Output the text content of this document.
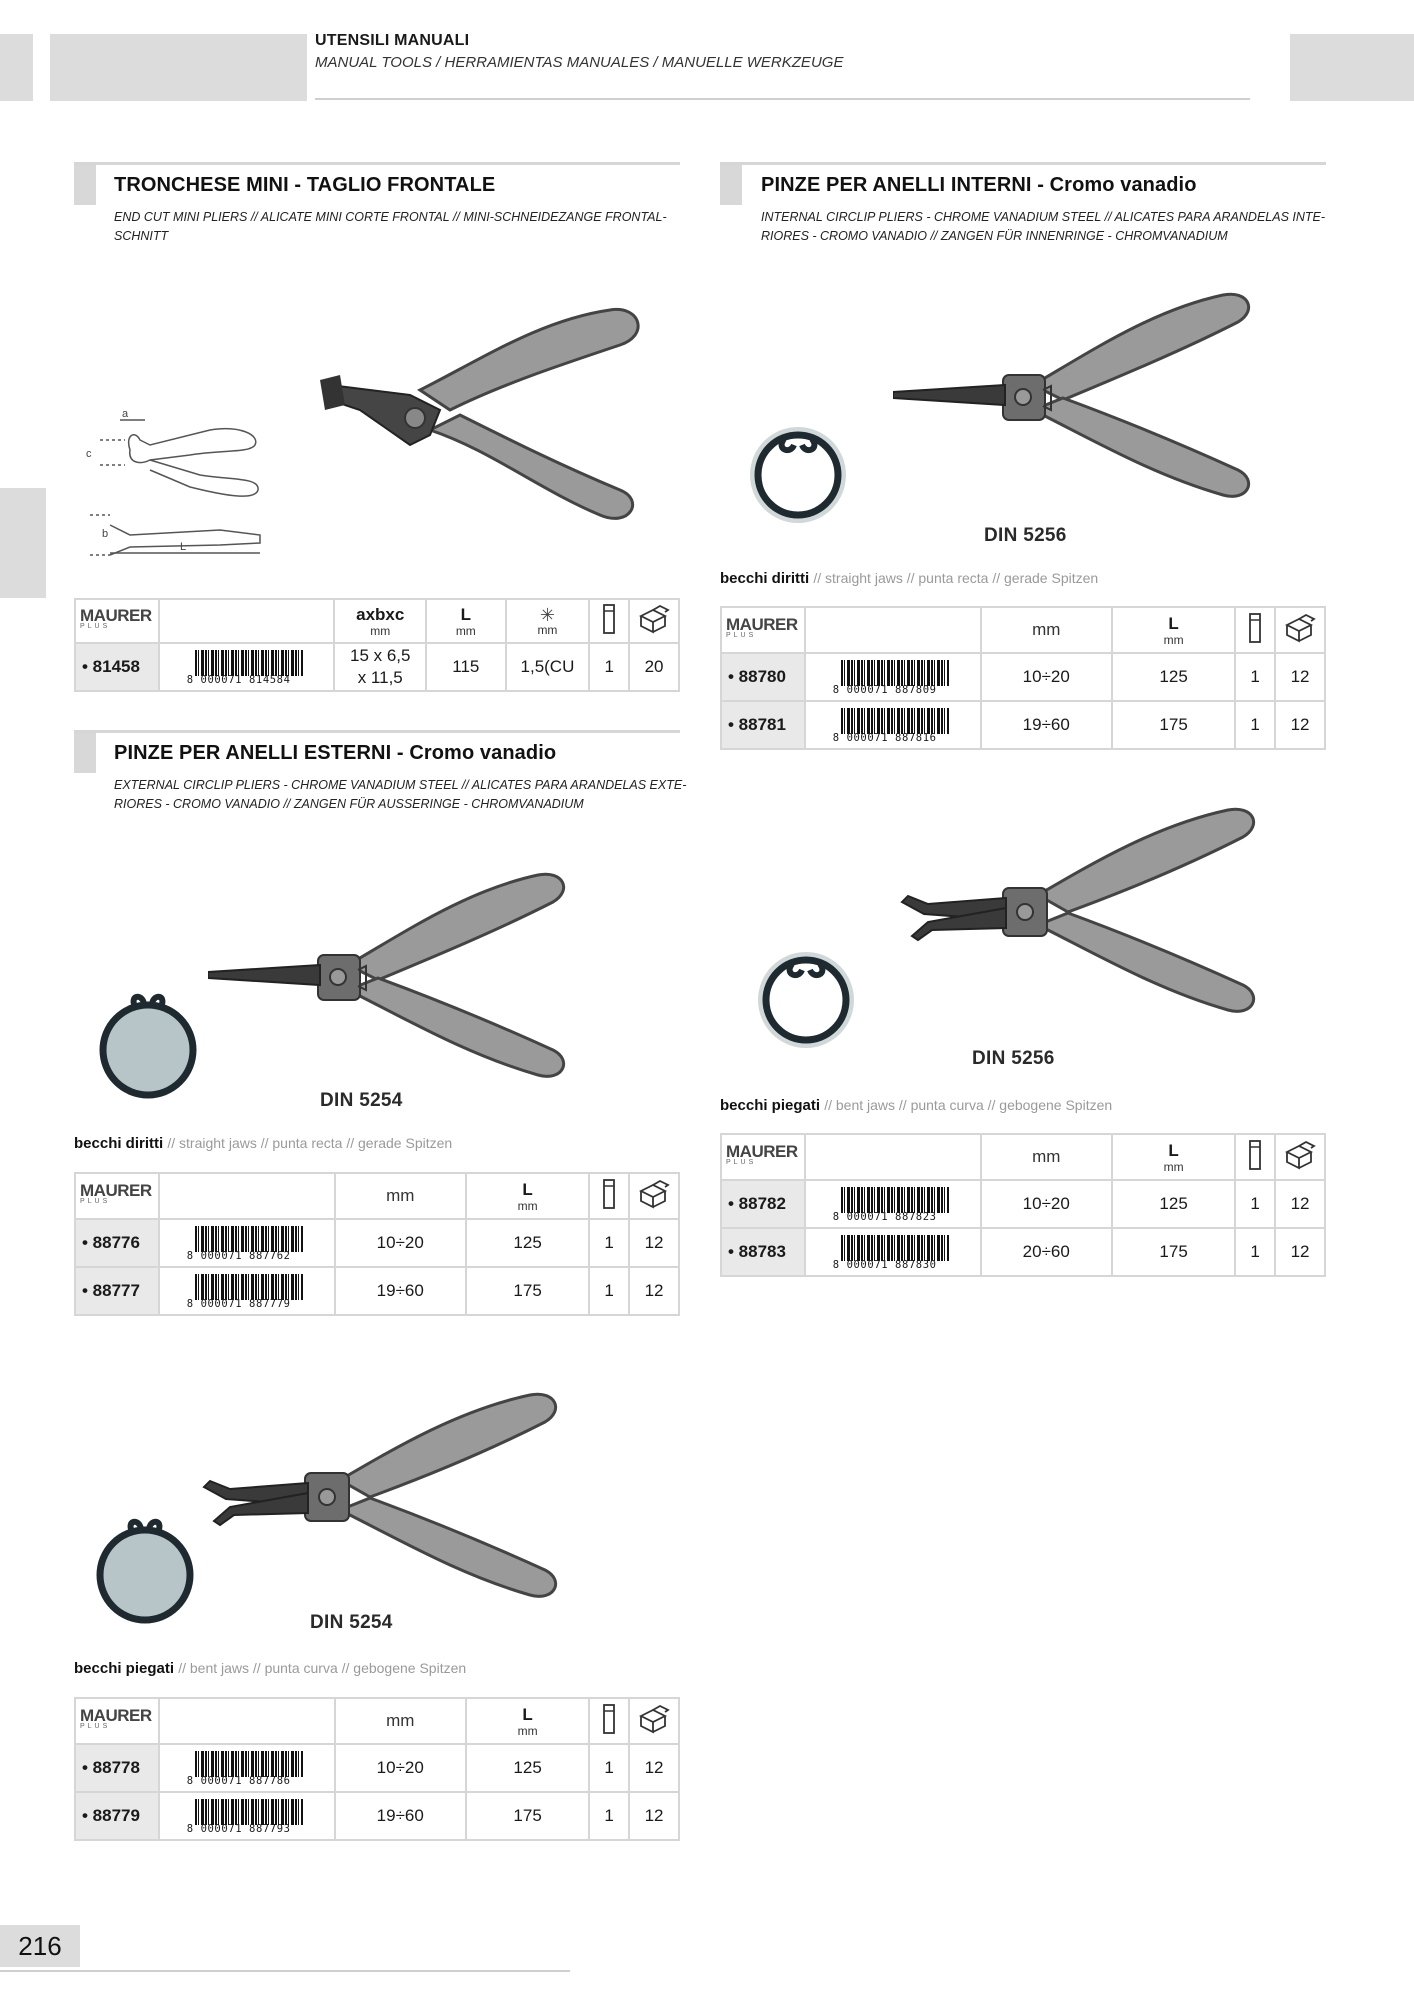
UTENSILI MANUALI
MANUAL TOOLS / HERRAMIENTAS MANUALES / MANUELLE WERKZEUGE
TRONCHESE MINI - TAGLIO FRONTALE
END CUT MINI PLIERS // ALICATE MINI CORTE FRONTAL // MINI-SCHNEIDEZANGE FRONTAL-
SCHNITT
a
c
b
L
MAURER
PLUS		axbxc
mm	L
mm	✳
mm

• 81458	8 000071 814584	15 x 6,5
x 11,5	115	1,5(CU	1	20
PINZE PER ANELLI ESTERNI - Cromo vanadio
EXTERNAL CIRCLIP PLIERS - CHROME VANADIUM STEEL // ALICATES PARA ARANDELAS EXTE-
RIORES - CROMO VANADIO // ZANGEN FÜR AUSSERINGE - CHROMVANADIUM
DIN 5254
becchi diritti // straight jaws // punta recta // gerade Spitzen
MAURER
PLUS		mm	L
mm

• 88776	8 000071 887762	10÷20	125	1	12
• 88777	8 000071 887779	19÷60	175	1	12
DIN 5254
becchi piegati // bent jaws // punta curva // gebogene Spitzen
MAURER
PLUS		mm	L
mm

• 88778	8 000071 887786	10÷20	125	1	12
• 88779	8 000071 887793	19÷60	175	1	12
PINZE PER ANELLI INTERNI - Cromo vanadio
INTERNAL CIRCLIP PLIERS - CHROME VANADIUM STEEL // ALICATES PARA ARANDELAS INTE-
RIORES - CROMO VANADIO // ZANGEN FÜR INNENRINGE - CHROMVANADIUM
DIN 5256
becchi diritti // straight jaws // punta recta // gerade Spitzen
MAURER
PLUS		mm	L
mm

• 88780	8 000071 887809	10÷20	125	1	12
• 88781	8 000071 887816	19÷60	175	1	12
DIN 5256
becchi piegati // bent jaws // punta curva // gebogene Spitzen
MAURER
PLUS		mm	L
mm

• 88782	8 000071 887823	10÷20	125	1	12
• 88783	8 000071 887830	20÷60	175	1	12
216
